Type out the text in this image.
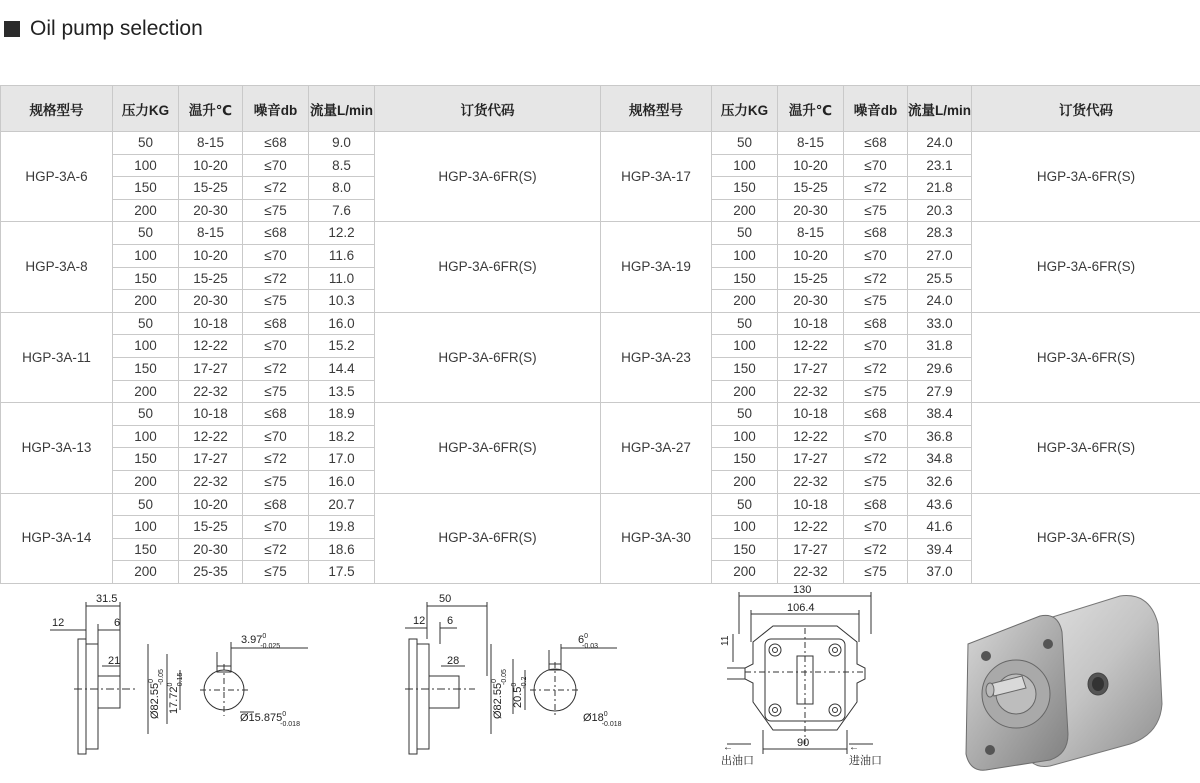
Oil pump selection
规格型号	压力KG	温升℃	噪音db	流量L/min	订货代码	规格型号	压力KG	温升℃	噪音db	流量L/min	订货代码
HGP-3A-6	50	8-15	≤68	9.0	HGP-3A-6FR(S)	HGP-3A-17	50	8-15	≤68	24.0	HGP-3A-6FR(S)
	100	10-20	≤70	8.5			100	10-20	≤70	23.1	
	150	15-25	≤72	8.0			150	15-25	≤72	21.8	
	200	20-30	≤75	7.6			200	20-30	≤75	20.3	
HGP-3A-8	50	8-15	≤68	12.2	HGP-3A-6FR(S)	HGP-3A-19	50	8-15	≤68	28.3	HGP-3A-6FR(S)
	100	10-20	≤70	11.6			100	10-20	≤70	27.0	
	150	15-25	≤72	11.0			150	15-25	≤72	25.5	
	200	20-30	≤75	10.3			200	20-30	≤75	24.0	
HGP-3A-11	50	10-18	≤68	16.0	HGP-3A-6FR(S)	HGP-3A-23	50	10-18	≤68	33.0	HGP-3A-6FR(S)
	100	12-22	≤70	15.2			100	12-22	≤70	31.8	
	150	17-27	≤72	14.4			150	17-27	≤72	29.6	
	200	22-32	≤75	13.5			200	22-32	≤75	27.9	
HGP-3A-13	50	10-18	≤68	18.9	HGP-3A-6FR(S)	HGP-3A-27	50	10-18	≤68	38.4	HGP-3A-6FR(S)
	100	12-22	≤70	18.2			100	12-22	≤70	36.8	
	150	17-27	≤72	17.0			150	17-27	≤72	34.8	
	200	22-32	≤75	16.0			200	22-32	≤75	32.6	
HGP-3A-14	50	10-20	≤68	20.7	HGP-3A-6FR(S)	HGP-3A-30	50	10-18	≤68	43.6	HGP-3A-6FR(S)
	100	15-25	≤70	19.8			100	12-22	≤70	41.6	
	150	20-30	≤72	18.6			150	17-27	≤72	39.4	
	200	25-35	≤75	17.5			200	22-32	≤75	37.0	
31.5
12	6
21
3.97$^0$ -0.025
Ø82.55$^0$ -0.05
17.72$^0$ -0.15
Ø15.875$^0$ -0.018
50
12 6
28
$6^0$ -0.03
Ø82.55$^0$ -0.05
20.5$^0$ -0.2
$Ø18^0$ -0.018
130
106.4
11
90
←
出油口
←
进油口
